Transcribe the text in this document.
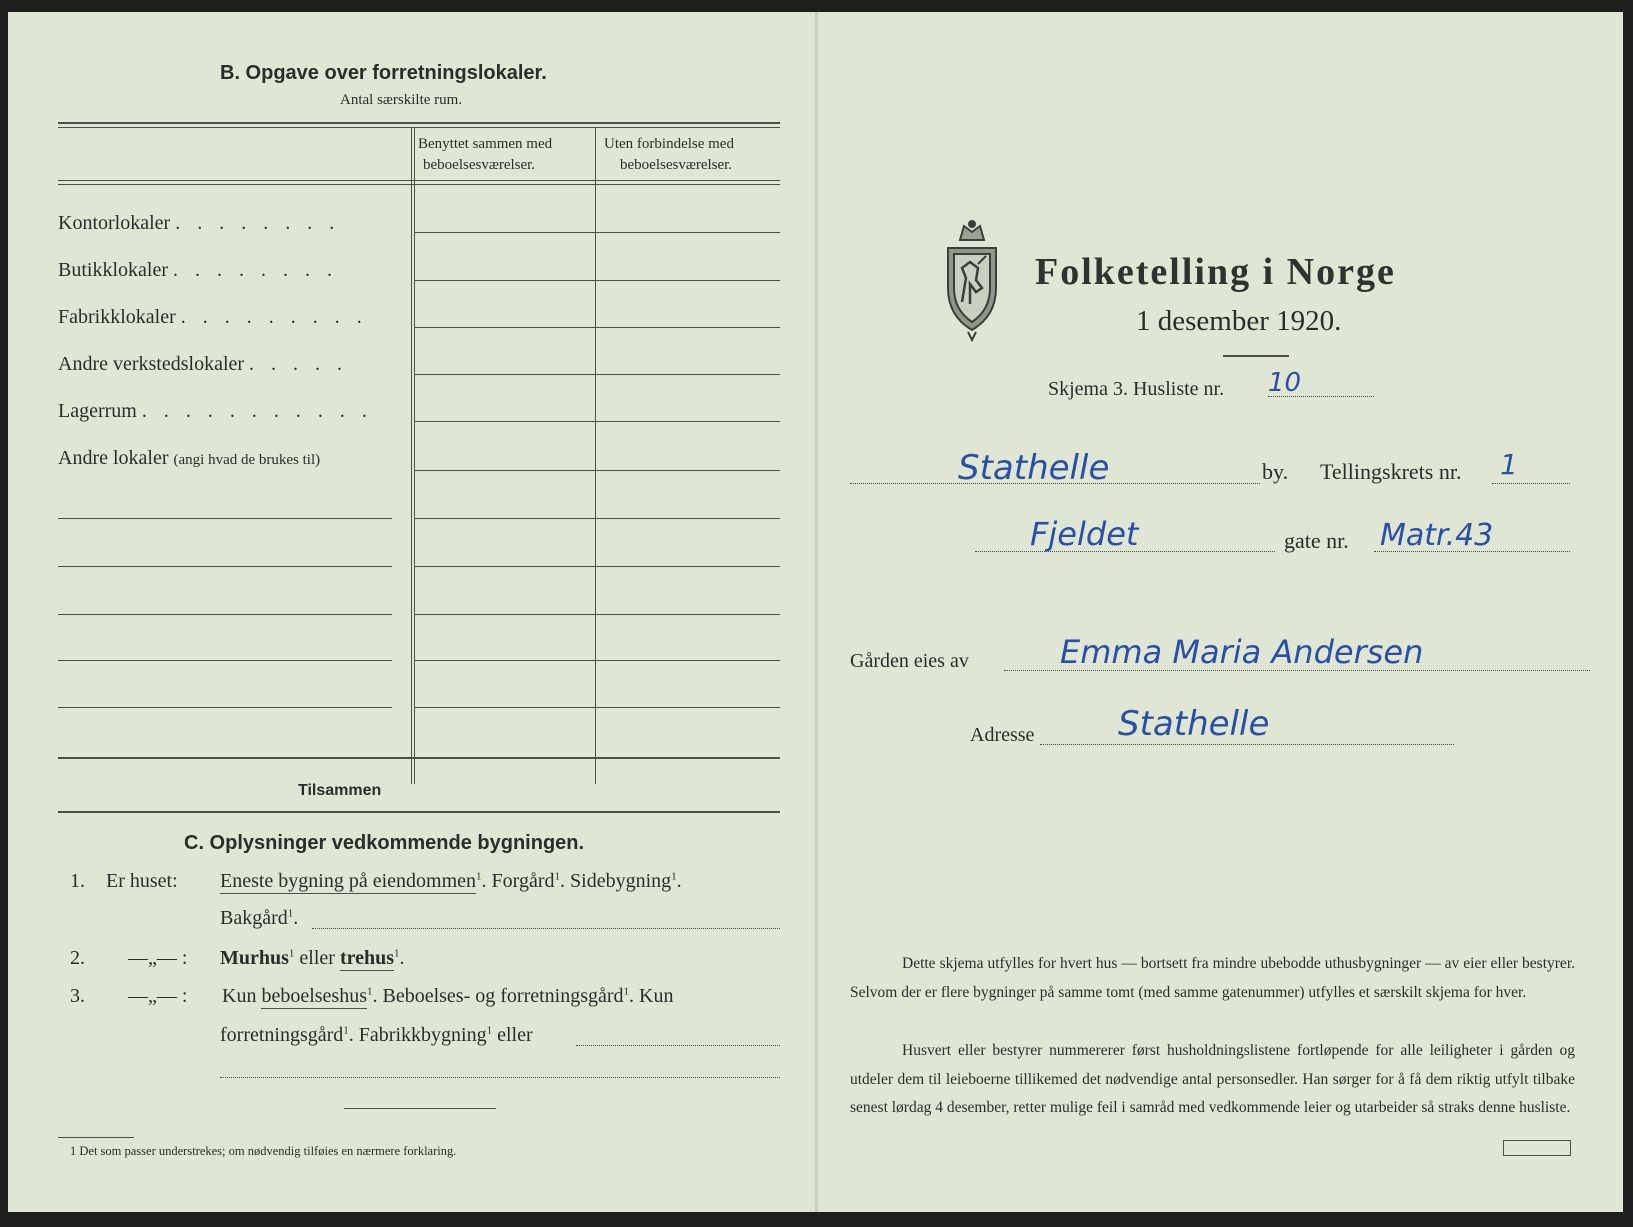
B. Opgave over forretningslokaler.
Antal særskilte rum.
Benyttet sammen med
beboelsesværelser.
Uten forbindelse med
beboelsesværelser.
Kontorlokaler . . . . . . . .
Butikklokaler . . . . . . . .
Fabrikklokaler . . . . . . . . .
Andre verkstedslokaler . . . . .
Lagerrum . . . . . . . . . . .
Andre lokaler (angi hvad de brukes til)
Tilsammen
C. Oplysninger vedkommende bygningen.
1. Er huset: Eneste bygning på eiendommen$^1$. Forgård$^1$. Sidebygning$^1$.
Bakgård$^1$.
2. —„— : Murhus$^1$ eller trehus$^1$.
3. —„— : Kun beboelseshus$^1$. Beboelses- og forretningsgård$^1$. Kun
forretningsgård$^1$. Fabrikkbygning$^1$ eller
1 Det som passer understrekes; om nødvendig tilføies en nærmere forklaring.
Folketelling i Norge
1 desember 1920.
Skjema 3. Husliste nr. 10
Stathelle	by. Tellingskrets nr. 1
Fjeldet	gate nr. Matr.43
Gården eies av	Emma Maria Andersen
Adresse Stathelle
Dette skjema utfylles for hvert hus — bortsett fra mindre ubebodde uthusbygninger — av eier eller bestyrer. Selvom der er flere bygninger på samme tomt (med samme gatenummer) utfylles et særskilt skjema for hver.
Husvert eller bestyrer nummererer først husholdningslistene fortløpende for alle leiligheter i gården og utdeler dem til leieboerne tillikemed det nødvendige antal personsedler. Han sørger for å få dem riktig utfylt tilbake senest lørdag 4 desember, retter mulige feil i samråd med vedkommende leier og utarbeider så straks denne husliste.
